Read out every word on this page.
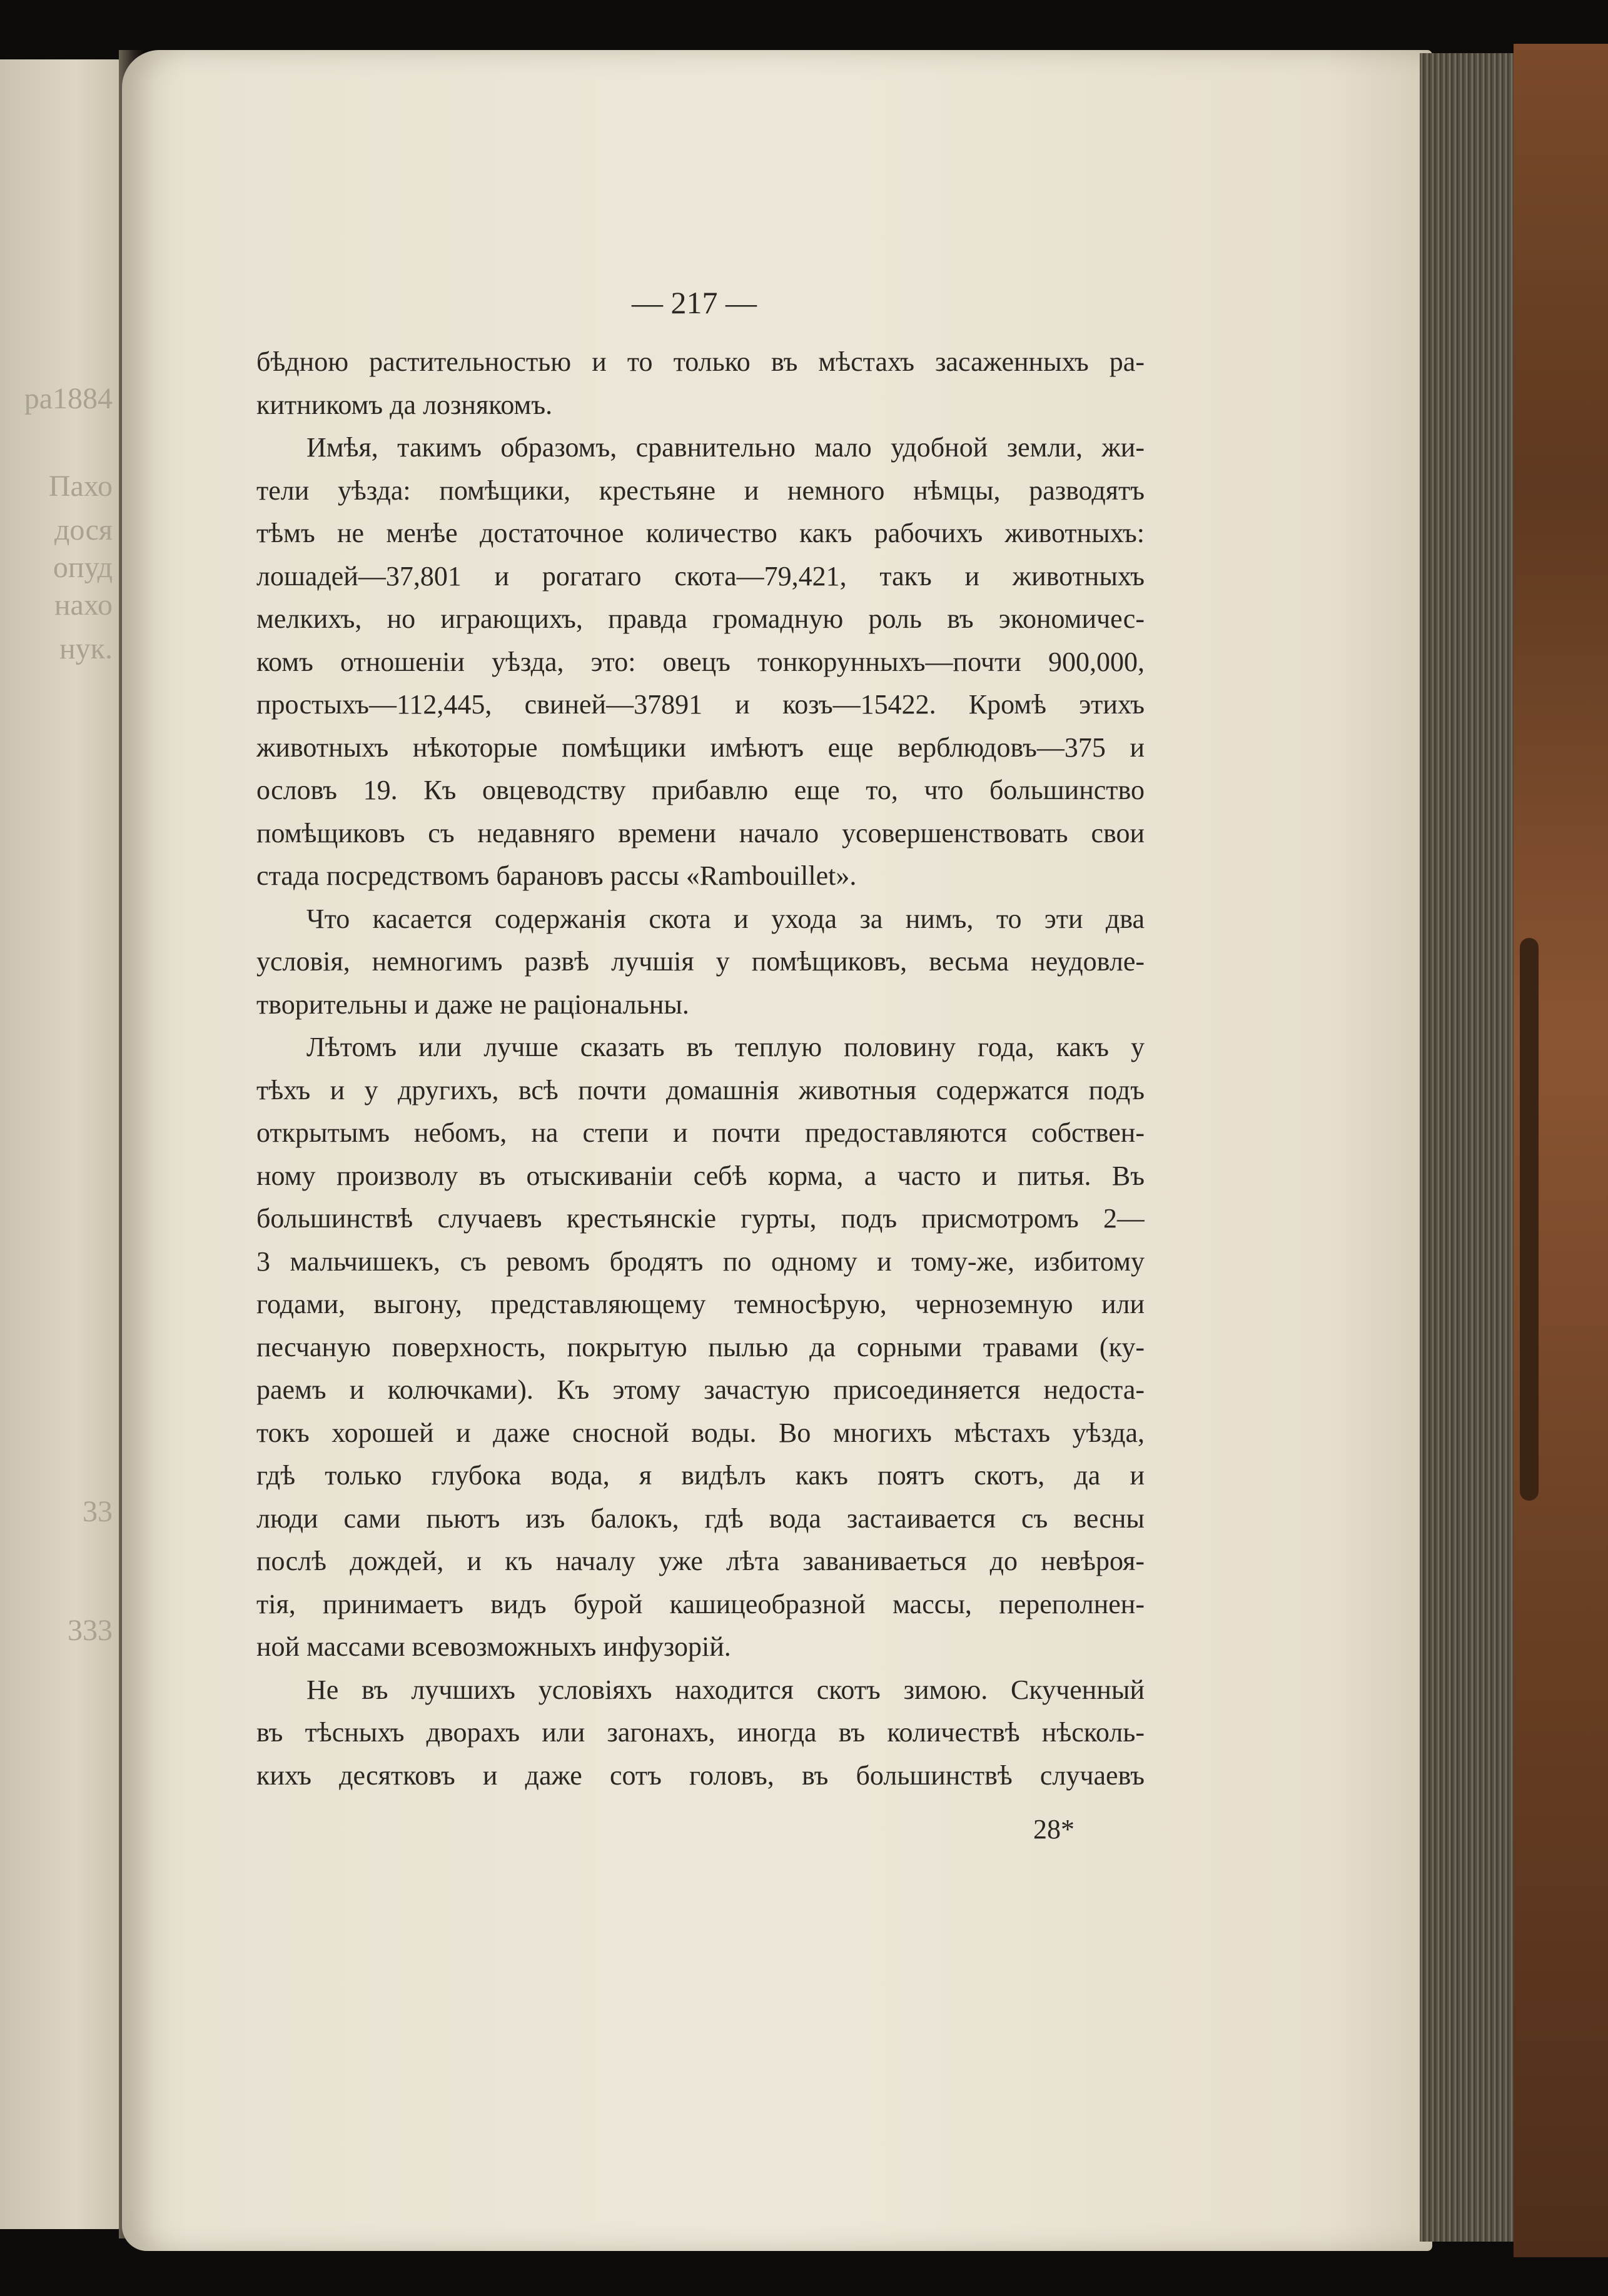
ра1884
Пахо
дося
опуд
нахо
нук.
33
333
— 217 —
бѣдною растительностью и то только въ мѣстахъ засаженныхъ ра-
китникомъ да лознякомъ.
Имѣя, такимъ образомъ, сравнительно мало удобной земли, жи-
тели уѣзда: помѣщики, крестьяне и немного нѣмцы, разводятъ
тѣмъ не менѣе достаточное количество какъ рабочихъ животныхъ:
лошадей—37,801 и рогатаго скота—79,421, такъ и животныхъ
мелкихъ, но играющихъ, правда громадную роль въ экономичес-
комъ отношеніи уѣзда, это: овецъ тонкорунныхъ—почти 900,000,
простыхъ—112,445, свиней—37891 и козъ—15422. Кромѣ этихъ
животныхъ нѣкоторые помѣщики имѣютъ еще верблюдовъ—375 и
ословъ 19. Къ овцеводству прибавлю еще то, что большинство
помѣщиковъ съ недавняго времени начало усовершенствовать свои
стада посредствомъ барановъ рассы «Rambouillet».
Что касается содержанія скота и ухода за нимъ, то эти два
условія, немногимъ развѣ лучшія у помѣщиковъ, весьма неудовле-
творительны и даже не раціональны.
Лѣтомъ или лучше сказать въ теплую половину года, какъ у
тѣхъ и у другихъ, всѣ почти домашнія животныя содержатся подъ
открытымъ небомъ, на степи и почти предоставляются собствен-
ному произволу въ отыскиваніи себѣ корма, а часто и питья. Въ
большинствѣ случаевъ крестьянскіе гурты, подъ присмотромъ 2—
3 мальчишекъ, съ ревомъ бродятъ по одному и тому-же, избитому
годами, выгону, представляющему темносѣрую, черноземную или
песчаную поверхность, покрытую пылью да сорными травами (ку-
раемъ и колючками). Къ этому зачастую присоединяется недоста-
токъ хорошей и даже сносной воды. Во многихъ мѣстахъ уѣзда,
гдѣ только глубока вода, я видѣлъ какъ поятъ скотъ, да и
люди сами пьютъ изъ балокъ, гдѣ вода застаивается съ весны
послѣ дождей, и къ началу уже лѣта заваниваеться до невѣроя-
тія, принимаетъ видъ бурой кашицеобразной массы, переполнен-
ной массами всевозможныхъ инфузорій.
Не въ лучшихъ условіяхъ находится скотъ зимою. Скученный
въ тѣсныхъ дворахъ или загонахъ, иногда въ количествѣ нѣсколь-
кихъ десятковъ и даже сотъ головъ, въ большинствѣ случаевъ
28*
